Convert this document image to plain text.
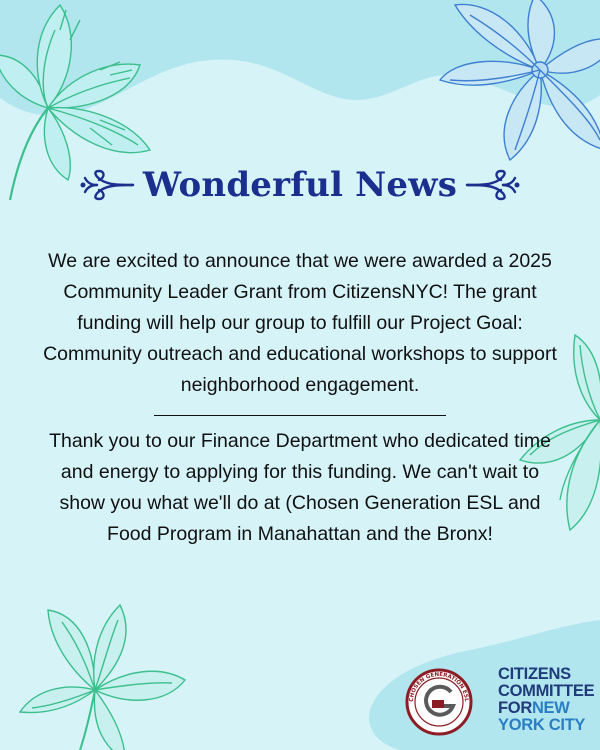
Wonderful News

We are excited to announce that we were awarded a 2025 Community Leader Grant from CitizensNYC! The grant funding will help our group to fulfill our Project Goal: Community outreach and educational workshops to support neighborhood engagement.

Thank you to our Finance Department who dedicated time and energy to applying for this funding. We can't wait to show you what we'll do at (Chosen Generation ESL and Food Program in Manahattan and the Bronx!

CHOSEN GENERATION ESL
CITIZENS
COMMITTEE
FORNEW
YORK CITY
